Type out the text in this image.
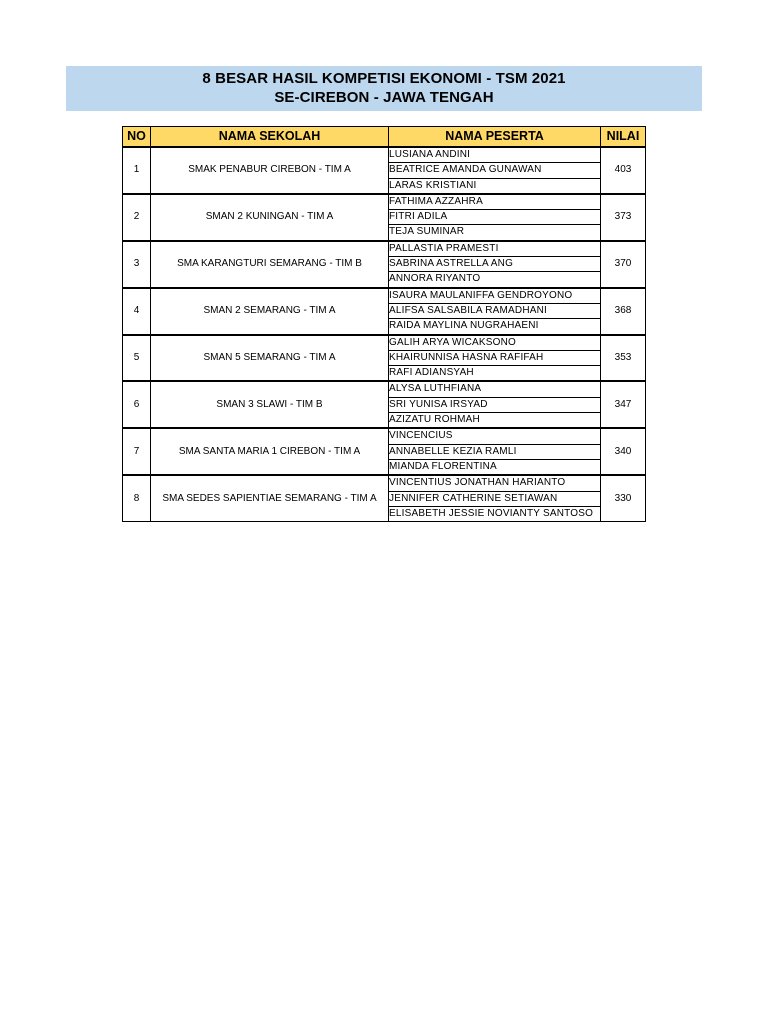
8 BESAR HASIL KOMPETISI EKONOMI - TSM 2021
SE-CIREBON - JAWA TENGAH
NO	NAMA SEKOLAH	NAMA PESERTA	NILAI
1	SMAK PENABUR CIREBON - TIM A	LUSIANA ANDINI	403
		BEATRICE AMANDA GUNAWAN	
		LARAS KRISTIANI	
2	SMAN 2 KUNINGAN - TIM A	FATHIMA AZZAHRA	373
		FITRI ADILA	
		TEJA SUMINAR	
3	SMA KARANGTURI SEMARANG - TIM B	PALLASTIA PRAMESTI	370
		SABRINA ASTRELLA ANG	
		ANNORA RIYANTO	
4	SMAN 2 SEMARANG - TIM A	ISAURA MAULANIFFA GENDROYONO	368
		ALIFSA SALSABILA RAMADHANI	
		RAIDA MAYLINA NUGRAHAENI	
5	SMAN 5 SEMARANG - TIM A	GALIH ARYA WICAKSONO	353
		KHAIRUNNISA HASNA RAFIFAH	
		RAFI ADIANSYAH	
6	SMAN 3 SLAWI - TIM B	ALYSA LUTHFIANA	347
		SRI YUNISA IRSYAD	
		AZIZATU ROHMAH	
7	SMA SANTA MARIA 1 CIREBON - TIM A	VINCENCIUS	340
		ANNABELLE KEZIA RAMLI	
		MIANDA FLORENTINA	
8	SMA SEDES SAPIENTIAE SEMARANG - TIM A	VINCENTIUS JONATHAN HARIANTO	330
		JENNIFER CATHERINE SETIAWAN	
		ELISABETH JESSIE NOVIANTY SANTOSO	
